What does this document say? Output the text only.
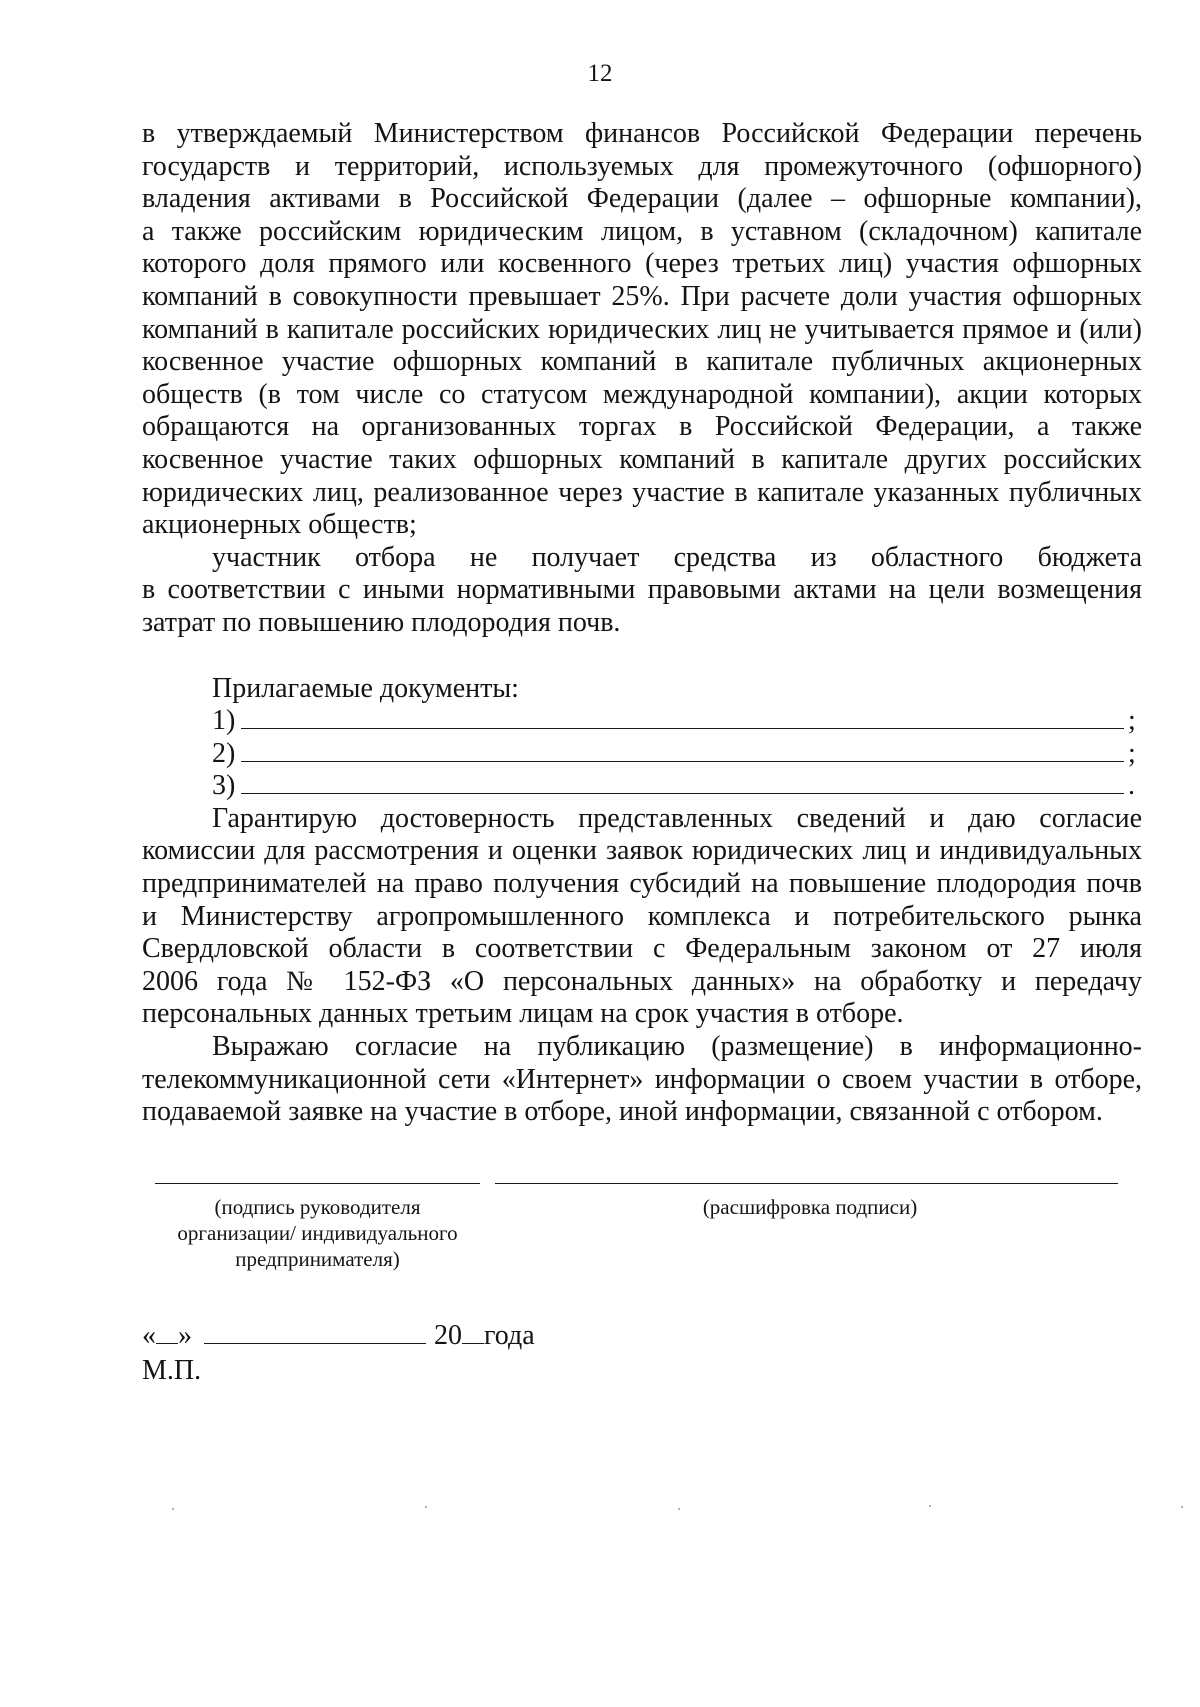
12
в утверждаемый Министерством финансов Российской Федерации перечень
государств и территорий, используемых для промежуточного (офшорного)
владения активами в Российской Федерации (далее – офшорные компании),
а также российским юридическим лицом, в уставном (складочном) капитале
которого доля прямого или косвенного (через третьих лиц) участия офшорных
компаний в совокупности превышает 25%. При расчете доли участия офшорных
компаний в капитале российских юридических лиц не учитывается прямое и (или)
косвенное участие офшорных компаний в капитале публичных акционерных
обществ (в том числе со статусом международной компании), акции которых
обращаются на организованных торгах в Российской Федерации, а также
косвенное участие таких офшорных компаний в капитале других российских
юридических лиц, реализованное через участие в капитале указанных публичных
акционерных обществ;
участник отбора не получает средства из областного бюджета
в соответствии с иными нормативными правовыми актами на цели возмещения
затрат по повышению плодородия почв.
Прилагаемые документы:
1)	;
2)	;
3)	.
Гарантирую достоверность представленных сведений и даю согласие
комиссии для рассмотрения и оценки заявок юридических лиц и индивидуальных
предпринимателей на право получения субсидий на повышение плодородия почв
и Министерству агропромышленного комплекса и потребительского рынка
Свердловской области в соответствии с Федеральным законом от 27 июля
2006 года № 152-ФЗ «О персональных данных» на обработку и передачу
персональных данных третьим лицам на срок участия в отборе.
Выражаю согласие на публикацию (размещение) в информационно-
телекоммуникационной сети «Интернет» информации о своем участии в отборе,
подаваемой заявке на участие в отборе, иной информации, связанной с отбором.
(подпись руководителя
организации/ индивидуального
предпринимателя)
(расшифровка подписи)
« »	20 года
М.П.
